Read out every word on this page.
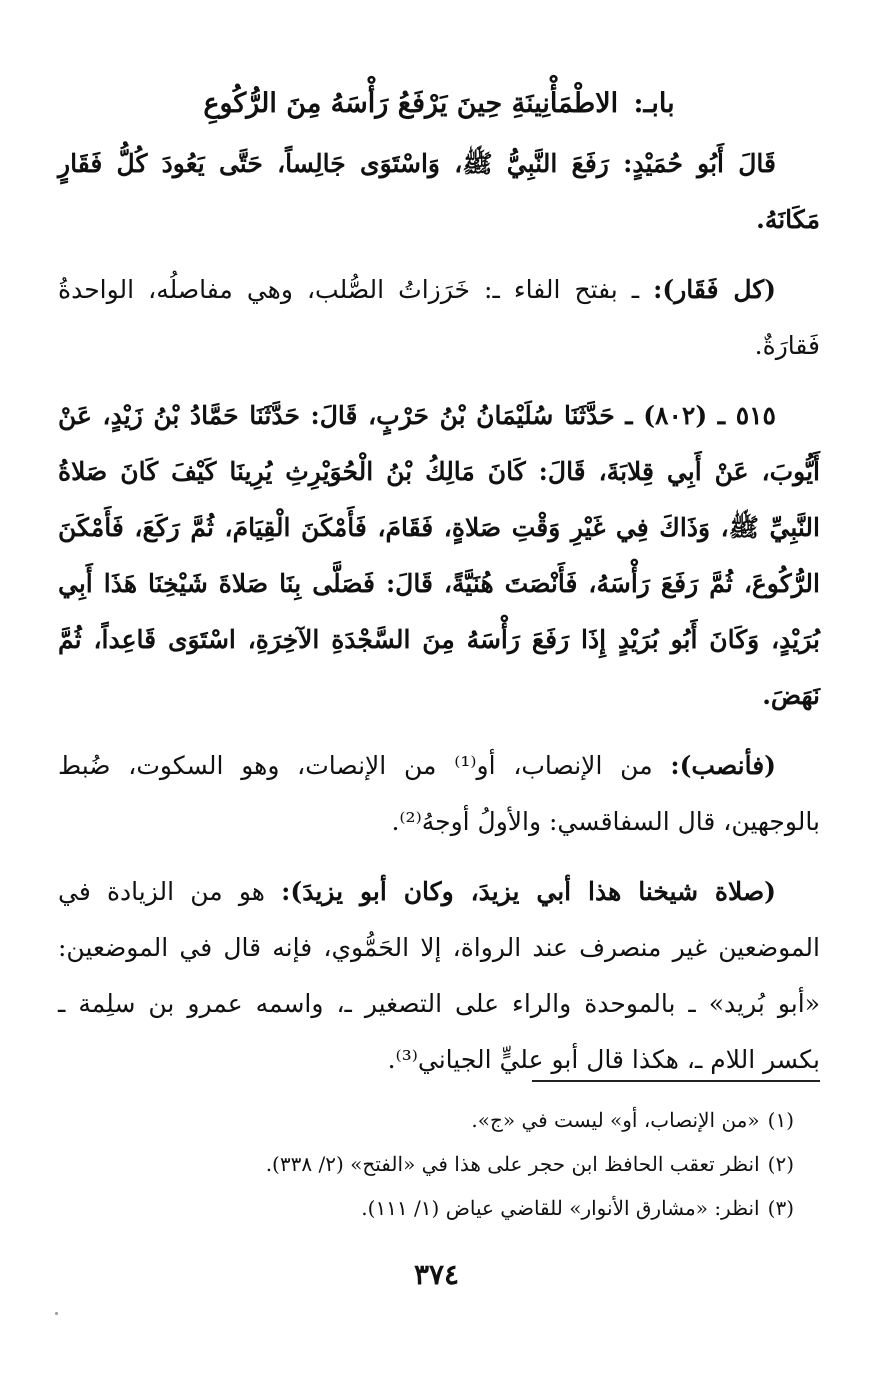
بابـ: الاطْمَأْنِينَةِ حِينَ يَرْفَعُ رَأْسَهُ مِنَ الرُّكُوعِ

قَالَ أَبُو حُمَيْدٍ: رَفَعَ النَّبِيُّ ﷺ، وَاسْتَوَى جَالِساً، حَتَّى يَعُودَ كُلُّ فَقَارٍ مَكَانَهُ.

(كل فَقَار): ـ بفتح الفاء ـ: خَرَزاتُ الصُّلب، وهي مفاصلُه، الواحدةُ فَقارَةٌ.

٥١٥ ـ (٨٠٢) ـ حَدَّثَنَا سُلَيْمَانُ بْنُ حَرْبٍ، قَالَ: حَدَّثَنَا حَمَّادُ بْنُ زَيْدٍ، عَنْ أَيُّوبَ، عَنْ أَبِي قِلابَةَ، قَالَ: كَانَ مَالِكُ بْنُ الْحُوَيْرِثِ يُرِينَا كَيْفَ كَانَ صَلاةُ النَّبِيِّ ﷺ، وَذَاكَ فِي غَيْرِ وَقْتِ صَلاةٍ، فَقَامَ، فَأَمْكَنَ الْقِيَامَ، ثُمَّ رَكَعَ، فَأَمْكَنَ الرُّكُوعَ، ثُمَّ رَفَعَ رَأْسَهُ، فَأَنْصَتَ هُنَيَّةً، قَالَ: فَصَلَّى بِنَا صَلاةَ شَيْخِنَا هَذَا أَبِي بُرَيْدٍ، وَكَانَ أَبُو بُرَيْدٍ إِذَا رَفَعَ رَأْسَهُ مِنَ السَّجْدَةِ الآخِرَةِ، اسْتَوَى قَاعِداً، ثُمَّ نَهَضَ.

(فأنصب): من الإنصاب، أو⁽¹⁾ من الإنصات، وهو السكوت، ضُبط بالوجهين، قال السفاقسي: والأولُ أوجهُ⁽²⁾.

(صلاة شيخنا هذا أبي يزيدَ، وكان أبو يزيدَ): هو من الزيادة في الموضعين غير منصرف عند الرواة، إلا الحَمُّوي، فإنه قال في الموضعين: «أبو بُريد» ـ بالموحدة والراء على التصغير ـ، واسمه عمرو بن سلِمة ـ بكسر اللام ـ، هكذا قال أبو عليٍّ الجياني⁽³⁾.

(١)«من الإنصاب، أو» ليست في «ج».
(٢)انظر تعقب الحافظ ابن حجر على هذا في «الفتح» (٢/ ٣٣٨).
(٣)انظر: «مشارق الأنوار» للقاضي عياض (١/ ١١١).
٣٧٤
